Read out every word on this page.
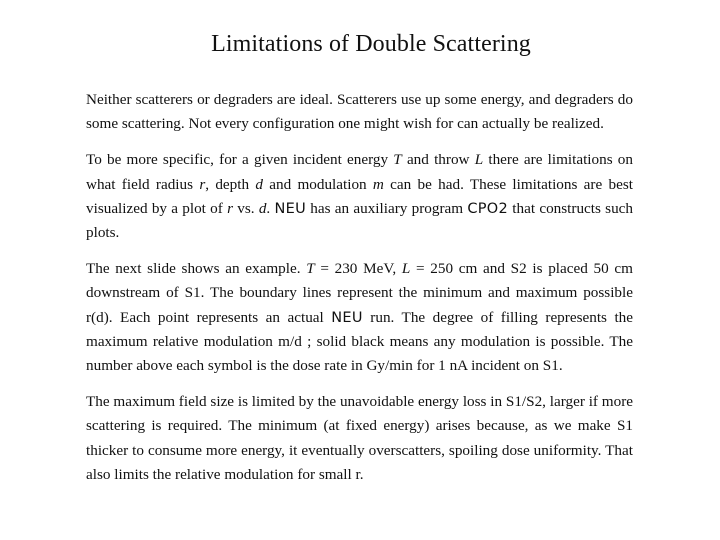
Limitations of Double Scattering

Neither scatterers or degraders are ideal. Scatterers use up some energy, and degraders do some scattering. Not every configuration one might wish for can actually be realized.

To be more specific, for a given incident energy T and throw L there are limitations on what field radius r, depth d and modulation m can be had. These limitations are best visualized by a plot of r vs. d. NEU has an auxiliary program CPO2 that constructs such plots.

The next slide shows an example. T = 230 MeV, L = 250 cm and S2 is placed 50 cm downstream of S1. The boundary lines represent the minimum and maximum possible r(d). Each point represents an actual NEU run. The degree of filling represents the maximum relative modulation m/d ; solid black means any modulation is possible. The number above each symbol is the dose rate in Gy/min for 1 nA incident on S1.

The maximum field size is limited by the unavoidable energy loss in S1/S2, larger if more scattering is required. The minimum (at fixed energy) arises because, as we make S1 thicker to consume more energy, it eventually overscatters, spoiling dose uniformity. That also limits the relative modulation for small r.
